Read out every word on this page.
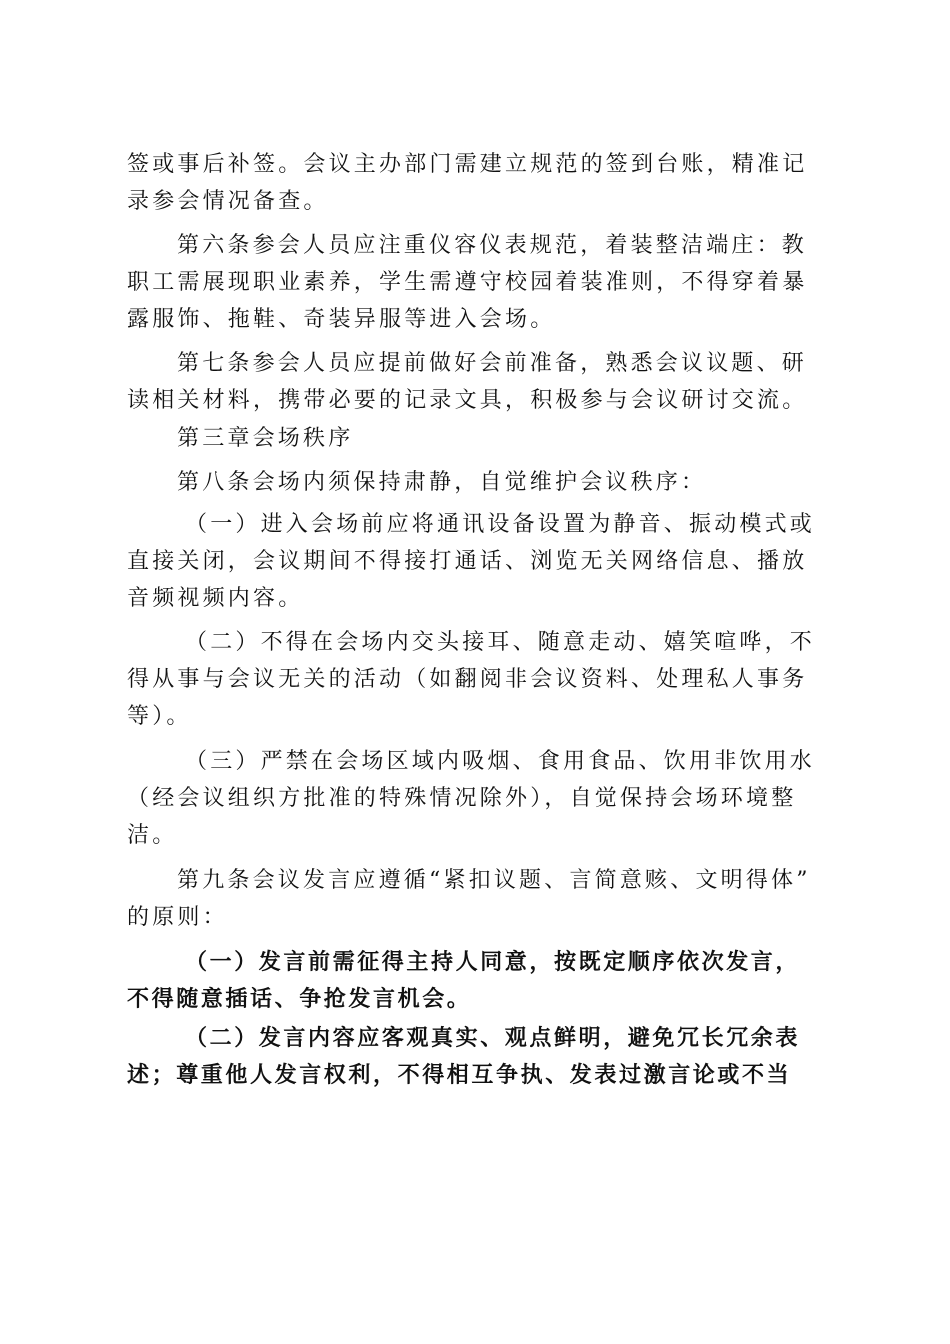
签或事后补签。会议主办部门需建立规范的签到台账，精准记
录参会情况备查。
第六条参会人员应注重仪容仪表规范，着装整洁端庄：教
职工需展现职业素养，学生需遵守校园着装准则，不得穿着暴
露服饰、拖鞋、奇装异服等进入会场。
第七条参会人员应提前做好会前准备，熟悉会议议题、研
读相关材料，携带必要的记录文具，积极参与会议研讨交流。
第三章会场秩序
第八条会场内须保持肃静，自觉维护会议秩序：
（一）进入会场前应将通讯设备设置为静音、振动模式或
直接关闭，会议期间不得接打通话、浏览无关网络信息、播放
音频视频内容。
（二）不得在会场内交头接耳、随意走动、嬉笑喧哗，不
得从事与会议无关的活动（如翻阅非会议资料、处理私人事务
等）。
（三）严禁在会场区域内吸烟、食用食品、饮用非饮用水
（经会议组织方批准的特殊情况除外），自觉保持会场环境整
洁。
第九条会议发言应遵循“紧扣议题、言简意赅、文明得体”
的原则：
（一）发言前需征得主持人同意，按既定顺序依次发言，
不得随意插话、争抢发言机会。
（二）发言内容应客观真实、观点鲜明，避免冗长冗余表
述；尊重他人发言权利，不得相互争执、发表过激言论或不当
